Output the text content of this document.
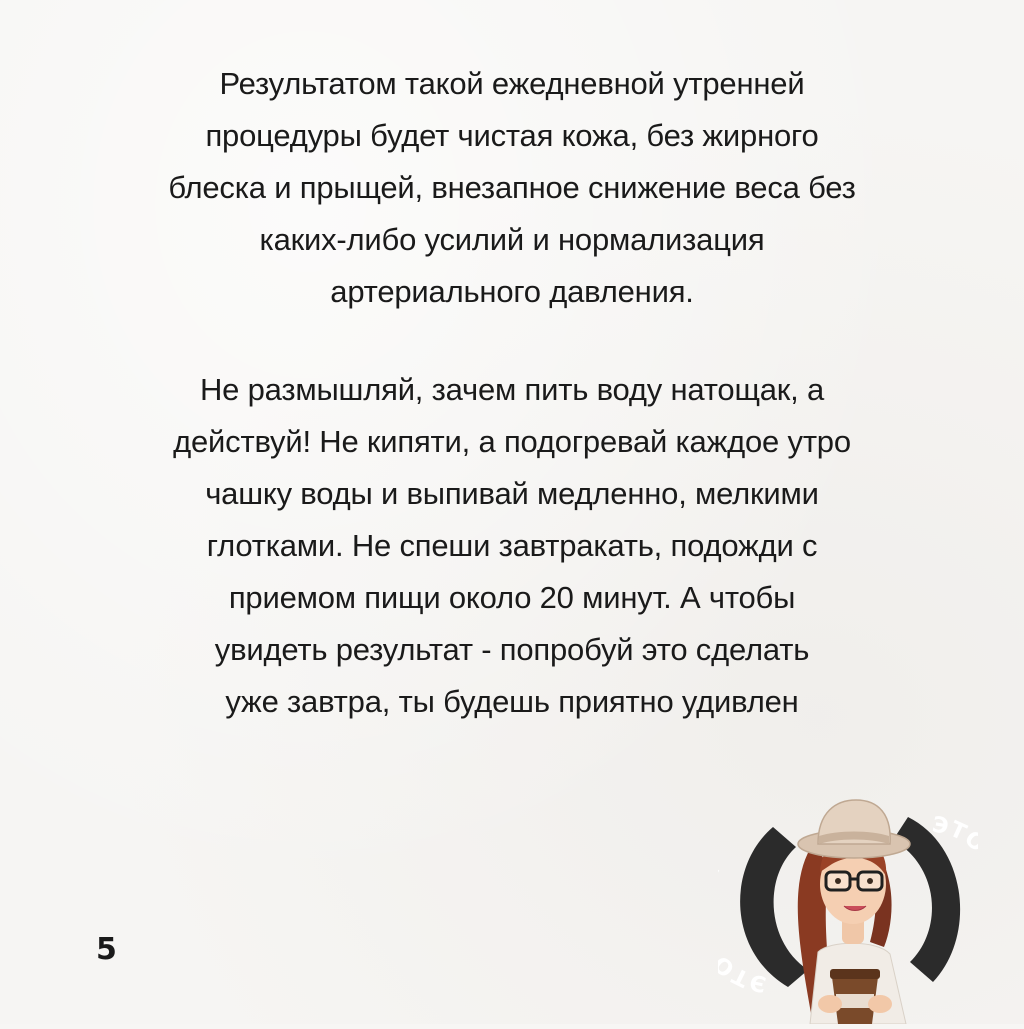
Результатом такой ежедневной утренней
процедуры будет чистая кожа, без жирного
блеска и прыщей, внезапное снижение веса без
каких-либо усилий и нормализация
артериального давления.
Не размышляй, зачем пить воду натощак, а
действуй! Не кипяти, а подогревай каждое утро
чашку воды и выпивай медленно, мелкими
глотками. Не спеши завтракать, подожди с
приемом пищи около 20 минут. А чтобы
увидеть результат - попробуй это сделать
уже завтра, ты будешь приятно удивлен
5
ЭТ
ЭТ
